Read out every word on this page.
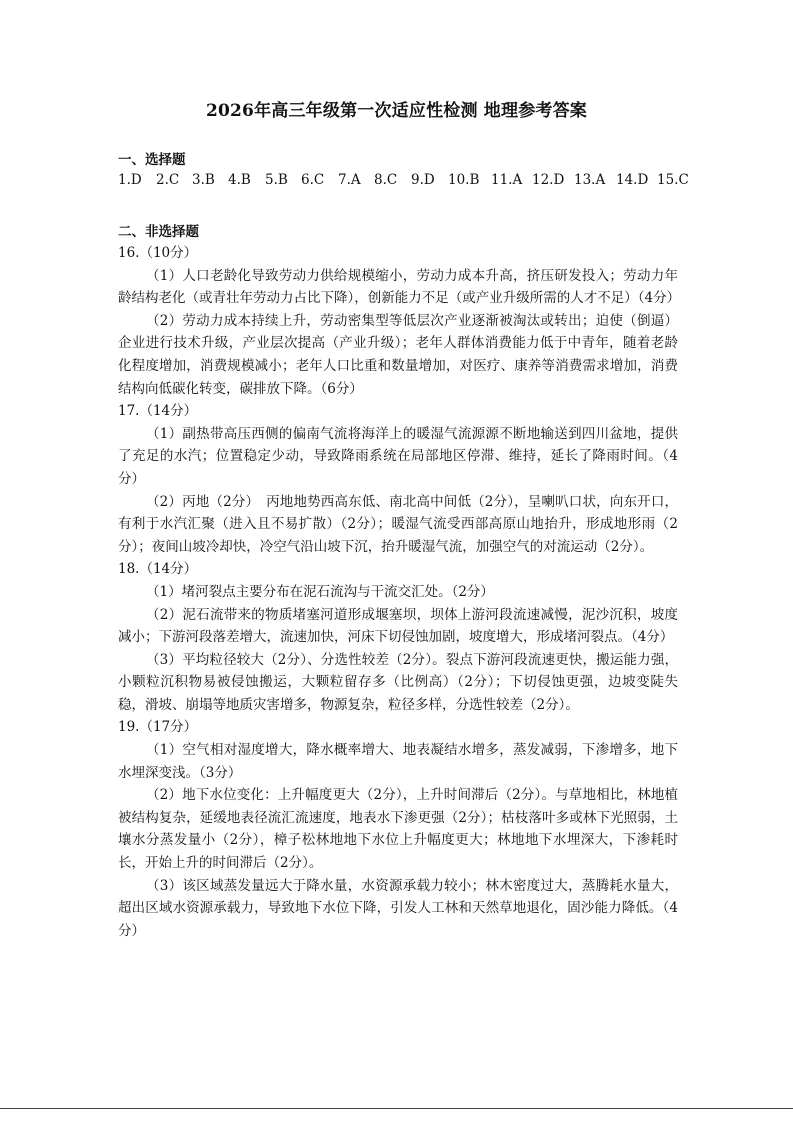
2026年高三年级第一次适应性检测 地理参考答案
一、选择题
1.D	2.C 3.B 4.B	5.B 6.C	7.A 8.C	9.D 10.B 11.A 12.D 13.A 14.D 15.C
二、非选择题

16.（10分）

（1）人口老龄化导致劳动力供给规模缩小，劳动力成本升高，挤压研发投入；劳动力年龄结构老化（或青壮年劳动力占比下降），创新能力不足（或产业升级所需的人才不足）（4分）

（2）劳动力成本持续上升，劳动密集型等低层次产业逐渐被淘汰或转出；迫使（倒逼）企业进行技术升级，产业层次提高（产业升级）；老年人群体消费能力低于中青年，随着老龄化程度增加，消费规模减小；老年人口比重和数量增加，对医疗、康养等消费需求增加，消费结构向低碳化转变，碳排放下降。（6分）

17.（14分）

（1）副热带高压西侧的偏南气流将海洋上的暖湿气流源源不断地输送到四川盆地，提供了充足的水汽；位置稳定少动，导致降雨系统在局部地区停滞、维持，延长了降雨时间。（4分）

（2）丙地（2分）　丙地地势西高东低、南北高中间低（2分），呈喇叭口状，向东开口，有利于水汽汇聚（进入且不易扩散）（2分）；暖湿气流受西部高原山地抬升，形成地形雨（2分）；夜间山坡冷却快，冷空气沿山坡下沉，抬升暖湿气流，加强空气的对流运动（2分）。

18.（14分）

（1）堵河裂点主要分布在泥石流沟与干流交汇处。（2分）

（2）泥石流带来的物质堵塞河道形成堰塞坝，坝体上游河段流速减慢，泥沙沉积，坡度减小；下游河段落差增大，流速加快，河床下切侵蚀加剧，坡度增大，形成堵河裂点。（4分）

（3）平均粒径较大（2分）、分选性较差（2分）。裂点下游河段流速更快，搬运能力强，小颗粒沉积物易被侵蚀搬运，大颗粒留存多（比例高）（2分）；下切侵蚀更强，边坡变陡失稳，滑坡、崩塌等地质灾害增多，物源复杂，粒径多样，分选性较差（2分）。

19.（17分）

（1）空气相对湿度增大，降水概率增大、地表凝结水增多，蒸发减弱，下渗增多，地下水埋深变浅。（3分）

（2）地下水位变化：上升幅度更大（2分），上升时间滞后（2分）。与草地相比，林地植被结构复杂，延缓地表径流汇流速度，地表水下渗更强（2分）；枯枝落叶多或林下光照弱，土壤水分蒸发量小（2分），樟子松林地地下水位上升幅度更大；林地地下水埋深大，下渗耗时长，开始上升的时间滞后（2分）。

（3）该区域蒸发量远大于降水量，水资源承载力较小；林木密度过大，蒸腾耗水量大，超出区域水资源承载力，导致地下水位下降，引发人工林和天然草地退化，固沙能力降低。（4分）
